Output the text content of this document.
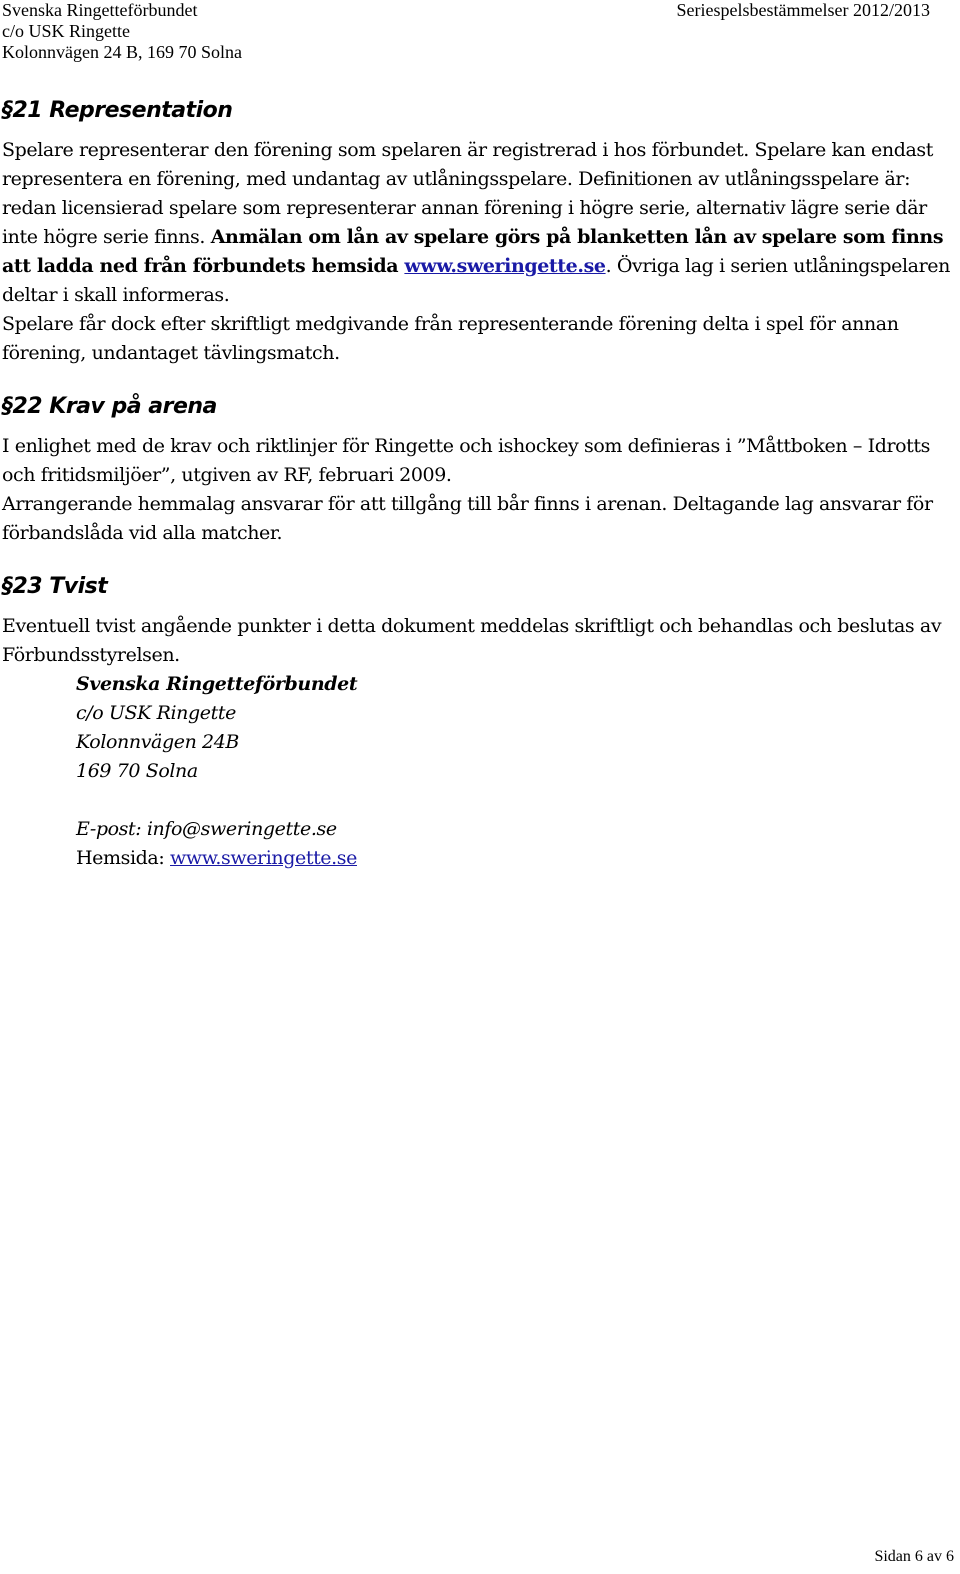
Svenska Ringetteförbundet
c/o USK Ringette
Kolonnvägen 24 B, 169 70 Solna
Seriespelsbestämmelser 2012/2013
§21 Representation

Spelare representerar den förening som spelaren är registrerad i hos förbundet. Spelare kan endast representera en förening, med undantag av utlåningsspelare. Definitionen av utlåningsspelare är: redan licensierad spelare som representerar annan förening i högre serie, alternativ lägre serie där inte högre serie finns. Anmälan om lån av spelare görs på blanketten lån av spelare som finns att ladda ned från förbundets hemsida www.sweringette.se. Övriga lag i serien utlåningspelaren deltar i skall informeras.

Spelare får dock efter skriftligt medgivande från representerande förening delta i spel för annan förening, undantaget tävlingsmatch.

§22 Krav på arena

I enlighet med de krav och riktlinjer för Ringette och ishockey som definieras i ”Måttboken – Idrotts och fritidsmiljöer”, utgiven av RF, februari 2009.

Arrangerande hemmalag ansvarar för att tillgång till bår finns i arenan. Deltagande lag ansvarar för förbandslåda vid alla matcher.

§23 Tvist

Eventuell tvist angående punkter i detta dokument meddelas skriftligt och behandlas och beslutas av Förbundsstyrelsen.

Svenska Ringetteförbundet
c/o USK Ringette
Kolonnvägen 24B
169 70 Solna
E-post: info@sweringette.se
Hemsida: www.sweringette.se
Sidan 6 av 6
